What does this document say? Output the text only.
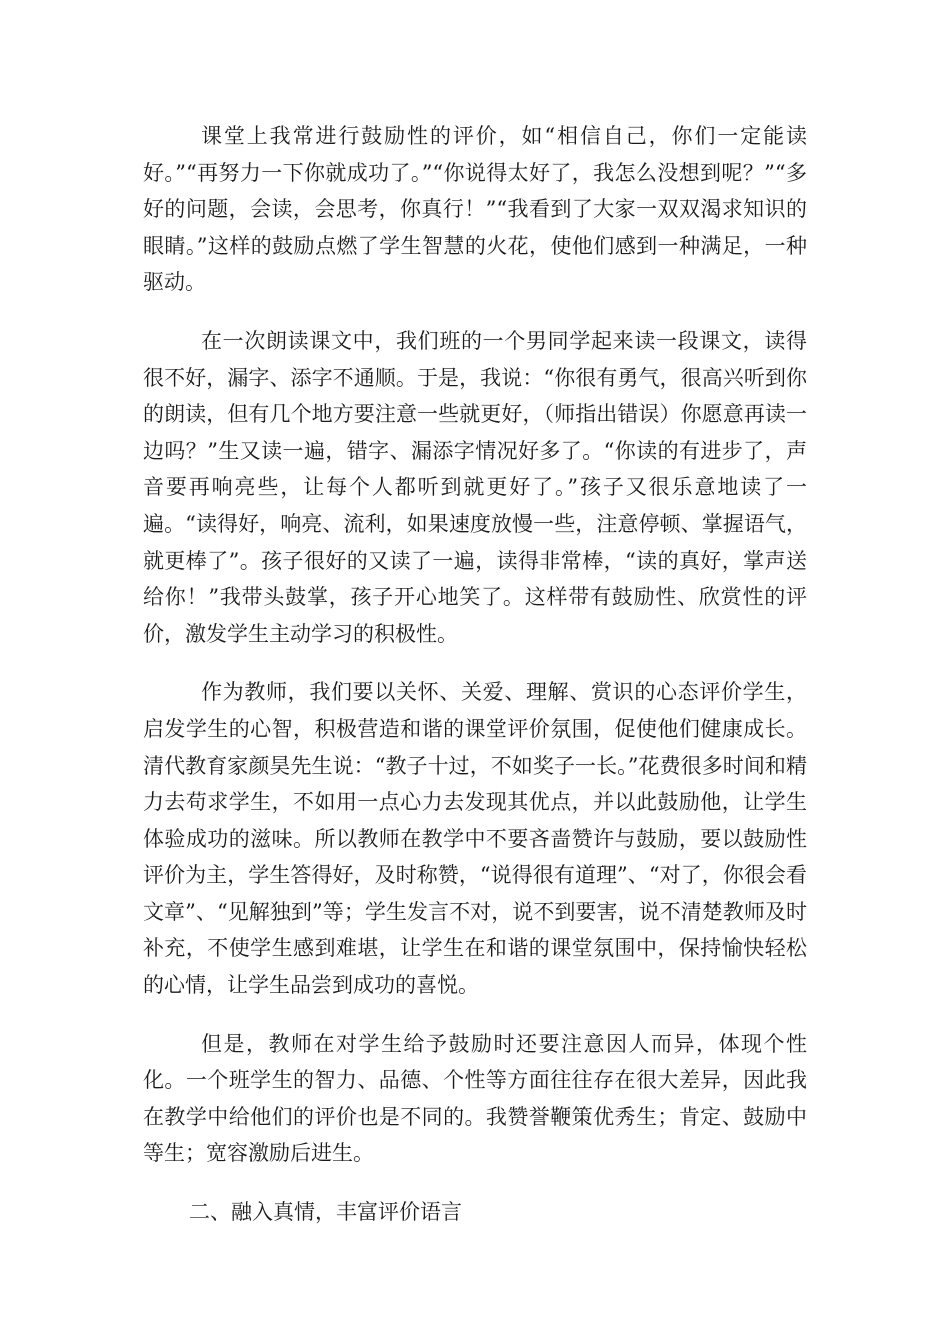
课堂上我常进行鼓励性的评价，如“相信自己，你们一定能读好。”“再努力一下你就成功了。”“你说得太好了，我怎么没想到呢？”“多好的问题，会读，会思考，你真行！”“我看到了大家一双双渴求知识的眼睛。”这样的鼓励点燃了学生智慧的火花，使他们感到一种满足，一种驱动。

在一次朗读课文中，我们班的一个男同学起来读一段课文，读得很不好，漏字、添字不通顺。于是，我说：“你很有勇气，很高兴听到你的朗读，但有几个地方要注意一些就更好，（师指出错误）你愿意再读一边吗？”生又读一遍，错字、漏添字情况好多了。“你读的有进步了，声音要再响亮些，让每个人都听到就更好了。”孩子又很乐意地读了一遍。“读得好，响亮、流利，如果速度放慢一些，注意停顿、掌握语气，就更棒了”。孩子很好的又读了一遍，读得非常棒，“读的真好，掌声送给你！”我带头鼓掌，孩子开心地笑了。这样带有鼓励性、欣赏性的评价，激发学生主动学习的积极性。

作为教师，我们要以关怀、关爱、理解、赏识的心态评价学生，启发学生的心智，积极营造和谐的课堂评价氛围，促使他们健康成长。清代教育家颜昊先生说：“教子十过，不如奖子一长。”花费很多时间和精力去苟求学生，不如用一点心力去发现其优点，并以此鼓励他，让学生体验成功的滋味。所以教师在教学中不要吝啬赞许与鼓励，要以鼓励性评价为主，学生答得好，及时称赞，“说得很有道理”、“对了，你很会看文章”、“见解独到”等；学生发言不对，说不到要害，说不清楚教师及时补充，不使学生感到难堪，让学生在和谐的课堂氛围中，保持愉快轻松的心情，让学生品尝到成功的喜悦。

但是，教师在对学生给予鼓励时还要注意因人而异，体现个性化。一个班学生的智力、品德、个性等方面往往存在很大差异，因此我在教学中给他们的评价也是不同的。我赞誉鞭策优秀生；肯定、鼓励中等生；宽容激励后进生。

二、融入真情，丰富评价语言
